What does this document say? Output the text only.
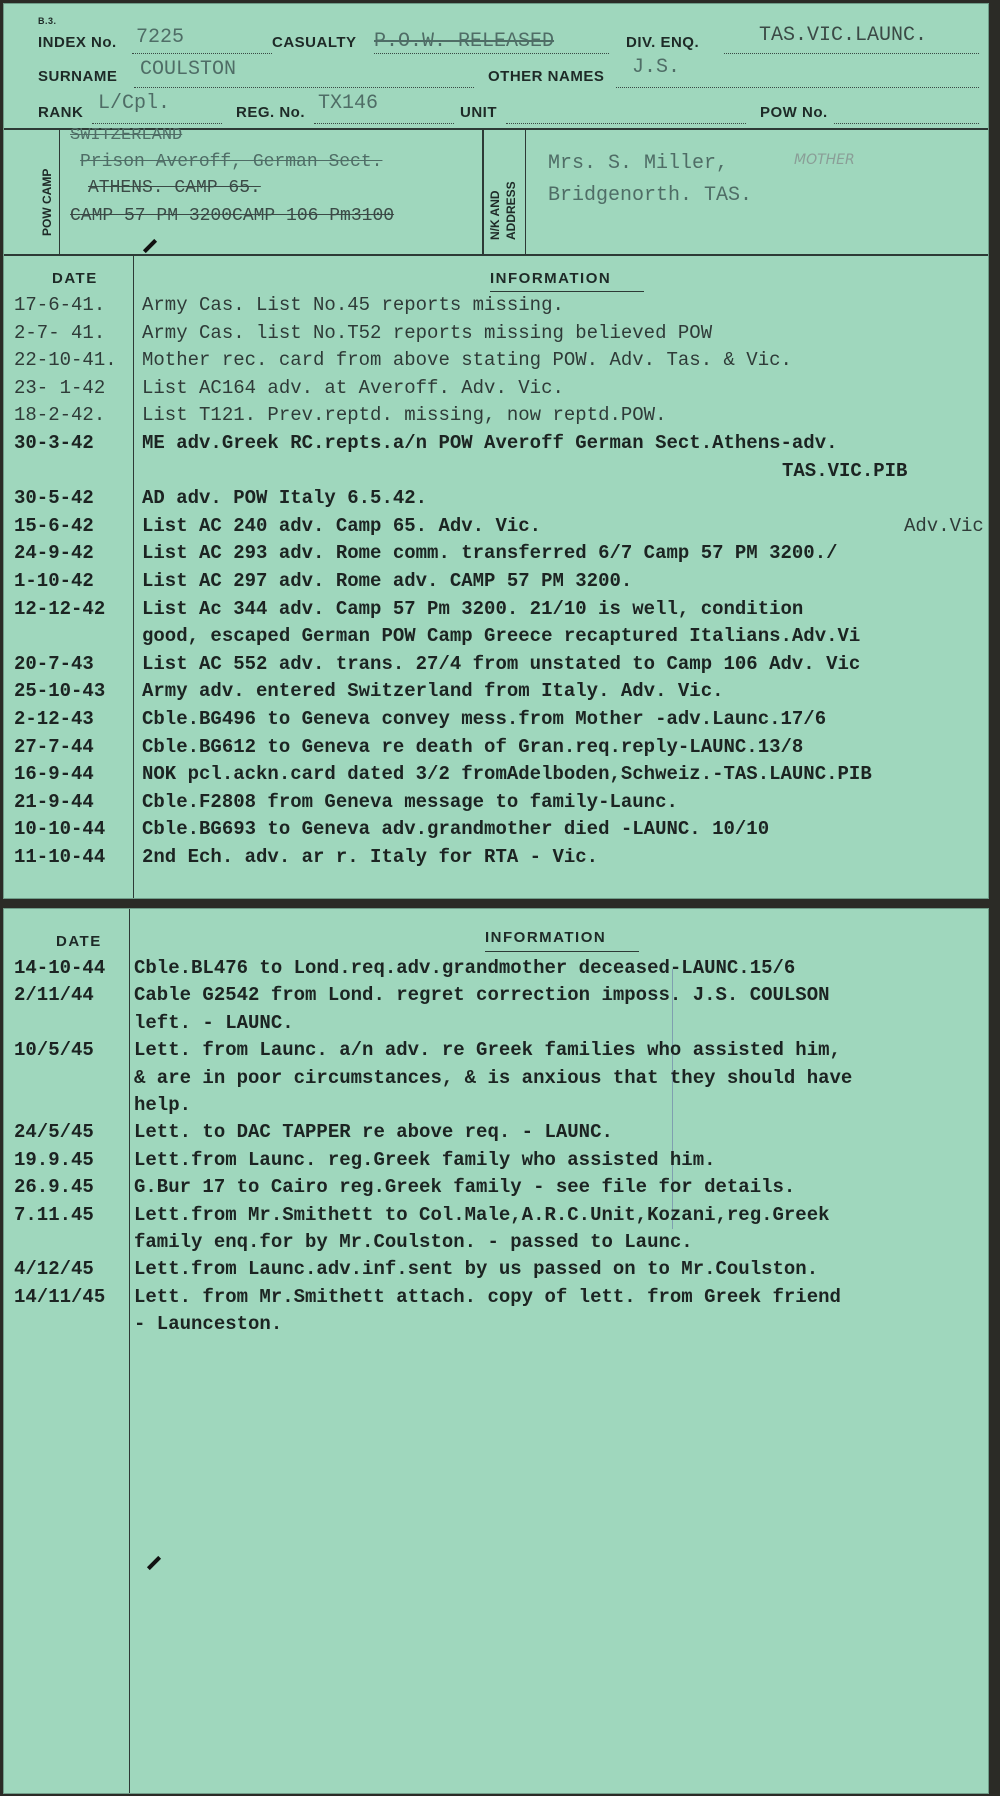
B.3.
INDEX No. 7225	CASUALTY P.O.W. RELEASED	DIV. ENQ.	TAS.VIC.LAUNC.
SURNAME COULSTON	OTHER NAMES J.S.
RANK L/Cpl.	REG. No. TX146	UNIT	POW No.
POW CAMP
SWITZERLAND
Prison Averoff, German Sect.
ATHENS. CAMP 65.
CAMP 57 PM 3200CAMP 106 Pm3100	N/K AND ADDRESS
Mrs. S. Miller,
Bridgenorth. TAS.
MOTHER
DATE	INFORMATION
17-6-41. Army Cas. List No.45 reports missing.
2-7- 41. Army Cas. list No.T52 reports missing believed POW
22-10-41. Mother rec. card from above stating POW. Adv. Tas. & Vic.
23- 1-42 List AC164 adv. at Averoff. Adv. Vic.
18-2-42. List T121. Prev.reptd. missing, now reptd.POW.
30-3-42	ME adv.Greek RC.repts.a/n POW Averoff German Sect.Athens-adv.
TAS.VIC.PIB
30-5-42	AD adv. POW Italy 6.5.42.
15-6-42	List AC 240 adv. Camp 65. Adv. Vic.	Adv.Vic
24-9-42	List AC 293 adv. Rome comm. transferred 6/7 Camp 57 PM 3200./
1-10-42	List AC 297 adv. Rome adv. CAMP 57 PM 3200.
12-12-42 List Ac 344 adv. Camp 57 Pm 3200. 21/10 is well, condition
good, escaped German POW Camp Greece recaptured Italians.Adv.Vi
20-7-43	List AC 552 adv. trans. 27/4 from unstated to Camp 106 Adv. Vic
25-10-43 Army adv. entered Switzerland from Italy. Adv. Vic.
2-12-43	Cble.BG496 to Geneva convey mess.from Mother -adv.Launc.17/6
27-7-44	Cble.BG612 to Geneva re death of Gran.req.reply-LAUNC.13/8
16-9-44	NOK pcl.ackn.card dated 3/2 fromAdelboden,Schweiz.-TAS.LAUNC.PIB
21-9-44	Cble.F2808 from Geneva message to family-Launc.
10-10-44 Cble.BG693 to Geneva adv.grandmother died -LAUNC. 10/10
11-10-44 2nd Ech. adv. ar r. Italy for RTA - Vic.
DATE	INFORMATION
14-10-44 Cble.BL476 to Lond.req.adv.grandmother deceased-LAUNC.15/6
2/11/44 Cable G2542 from Lond. regret correction imposs. J.S. COULSON
left. - LAUNC.
10/5/45 Lett. from Launc. a/n adv. re Greek families who assisted him,
& are in poor circumstances, & is anxious that they should have
help.
24/5/45 Lett. to DAC TAPPER re above req. - LAUNC.
19.9.45 Lett.from Launc. reg.Greek family who assisted him.
26.9.45 G.Bur 17 to Cairo reg.Greek family - see file for details.
7.11.45 Lett.from Mr.Smithett to Col.Male,A.R.C.Unit,Kozani,reg.Greek
family enq.for by Mr.Coulston. - passed to Launc.
4/12/45 Lett.from Launc.adv.inf.sent by us passed on to Mr.Coulston.
14/11/45 Lett. from Mr.Smithett attach. copy of lett. from Greek friend
- Launceston.
